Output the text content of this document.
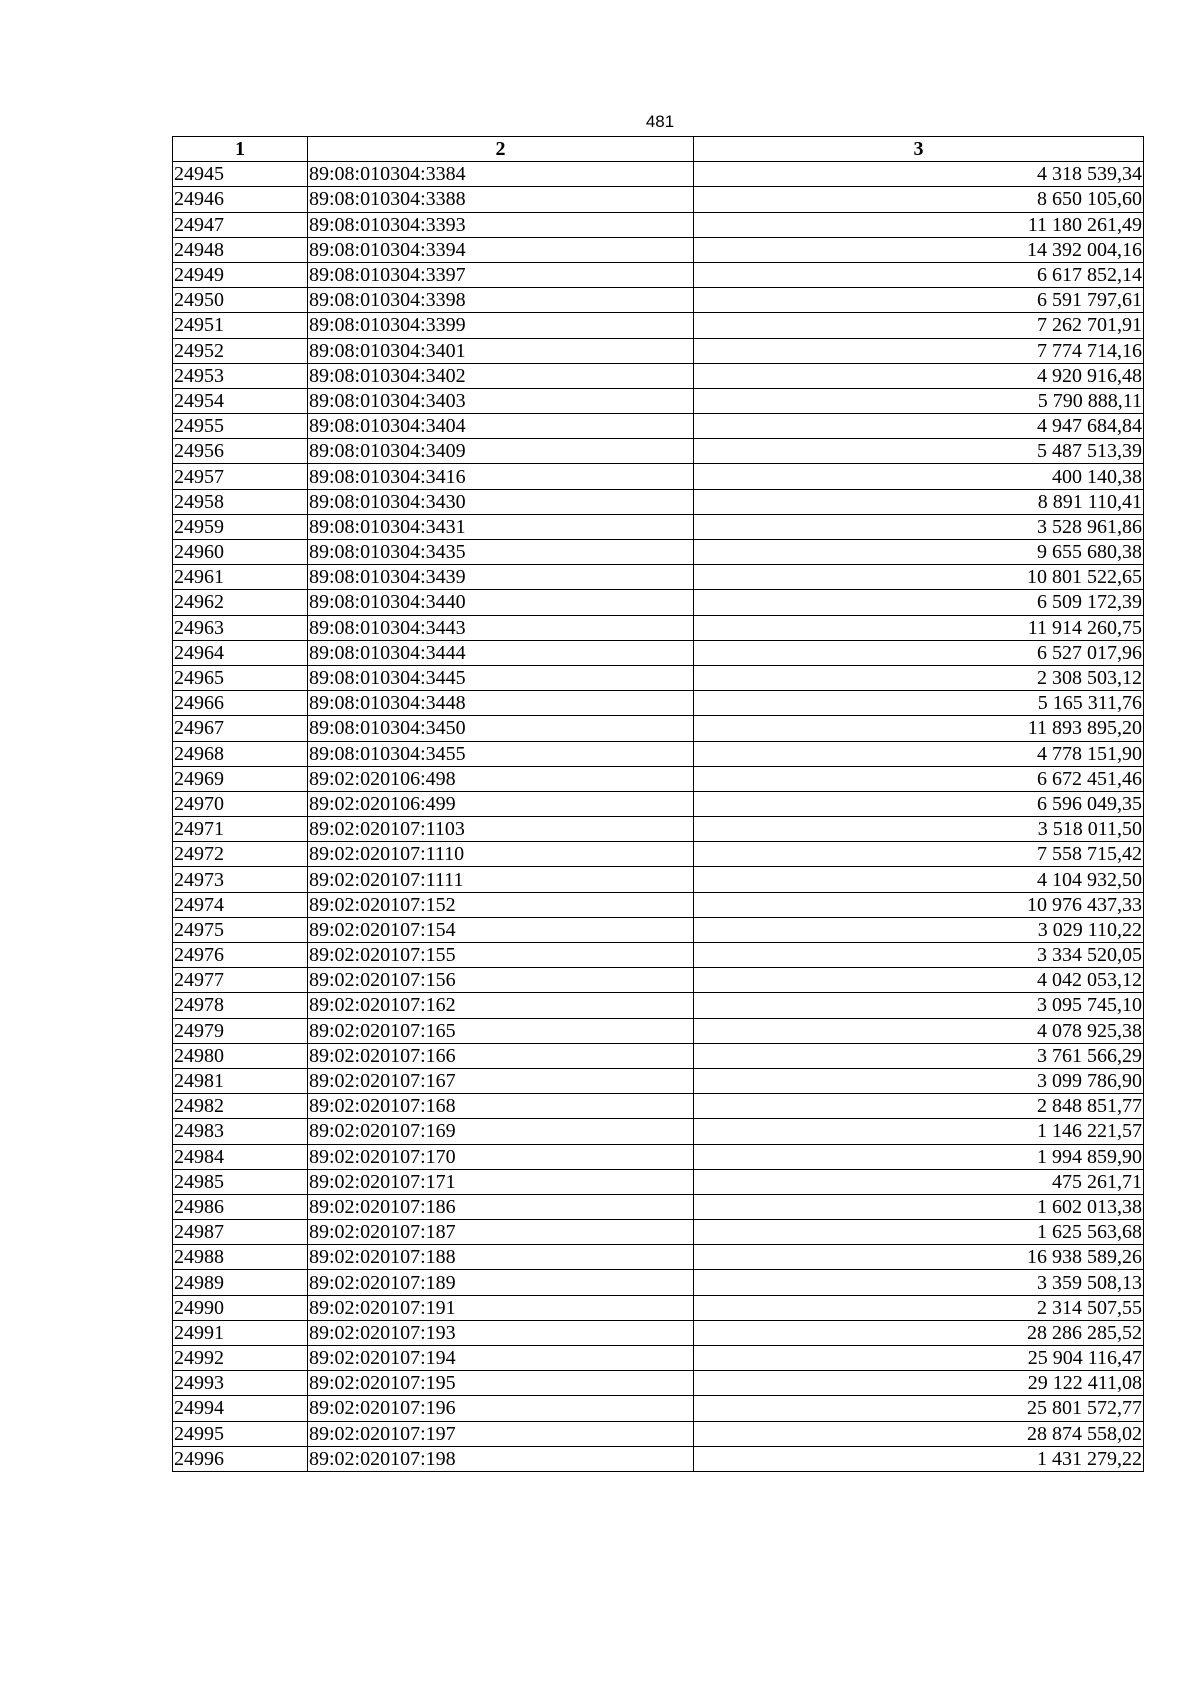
481
1	2	3
24945	89:08:010304:3384	4 318 539,34
24946	89:08:010304:3388	8 650 105,60
24947	89:08:010304:3393	11 180 261,49
24948	89:08:010304:3394	14 392 004,16
24949	89:08:010304:3397	6 617 852,14
24950	89:08:010304:3398	6 591 797,61
24951	89:08:010304:3399	7 262 701,91
24952	89:08:010304:3401	7 774 714,16
24953	89:08:010304:3402	4 920 916,48
24954	89:08:010304:3403	5 790 888,11
24955	89:08:010304:3404	4 947 684,84
24956	89:08:010304:3409	5 487 513,39
24957	89:08:010304:3416	400 140,38
24958	89:08:010304:3430	8 891 110,41
24959	89:08:010304:3431	3 528 961,86
24960	89:08:010304:3435	9 655 680,38
24961	89:08:010304:3439	10 801 522,65
24962	89:08:010304:3440	6 509 172,39
24963	89:08:010304:3443	11 914 260,75
24964	89:08:010304:3444	6 527 017,96
24965	89:08:010304:3445	2 308 503,12
24966	89:08:010304:3448	5 165 311,76
24967	89:08:010304:3450	11 893 895,20
24968	89:08:010304:3455	4 778 151,90
24969	89:02:020106:498	6 672 451,46
24970	89:02:020106:499	6 596 049,35
24971	89:02:020107:1103	3 518 011,50
24972	89:02:020107:1110	7 558 715,42
24973	89:02:020107:1111	4 104 932,50
24974	89:02:020107:152	10 976 437,33
24975	89:02:020107:154	3 029 110,22
24976	89:02:020107:155	3 334 520,05
24977	89:02:020107:156	4 042 053,12
24978	89:02:020107:162	3 095 745,10
24979	89:02:020107:165	4 078 925,38
24980	89:02:020107:166	3 761 566,29
24981	89:02:020107:167	3 099 786,90
24982	89:02:020107:168	2 848 851,77
24983	89:02:020107:169	1 146 221,57
24984	89:02:020107:170	1 994 859,90
24985	89:02:020107:171	475 261,71
24986	89:02:020107:186	1 602 013,38
24987	89:02:020107:187	1 625 563,68
24988	89:02:020107:188	16 938 589,26
24989	89:02:020107:189	3 359 508,13
24990	89:02:020107:191	2 314 507,55
24991	89:02:020107:193	28 286 285,52
24992	89:02:020107:194	25 904 116,47
24993	89:02:020107:195	29 122 411,08
24994	89:02:020107:196	25 801 572,77
24995	89:02:020107:197	28 874 558,02
24996	89:02:020107:198	1 431 279,22
